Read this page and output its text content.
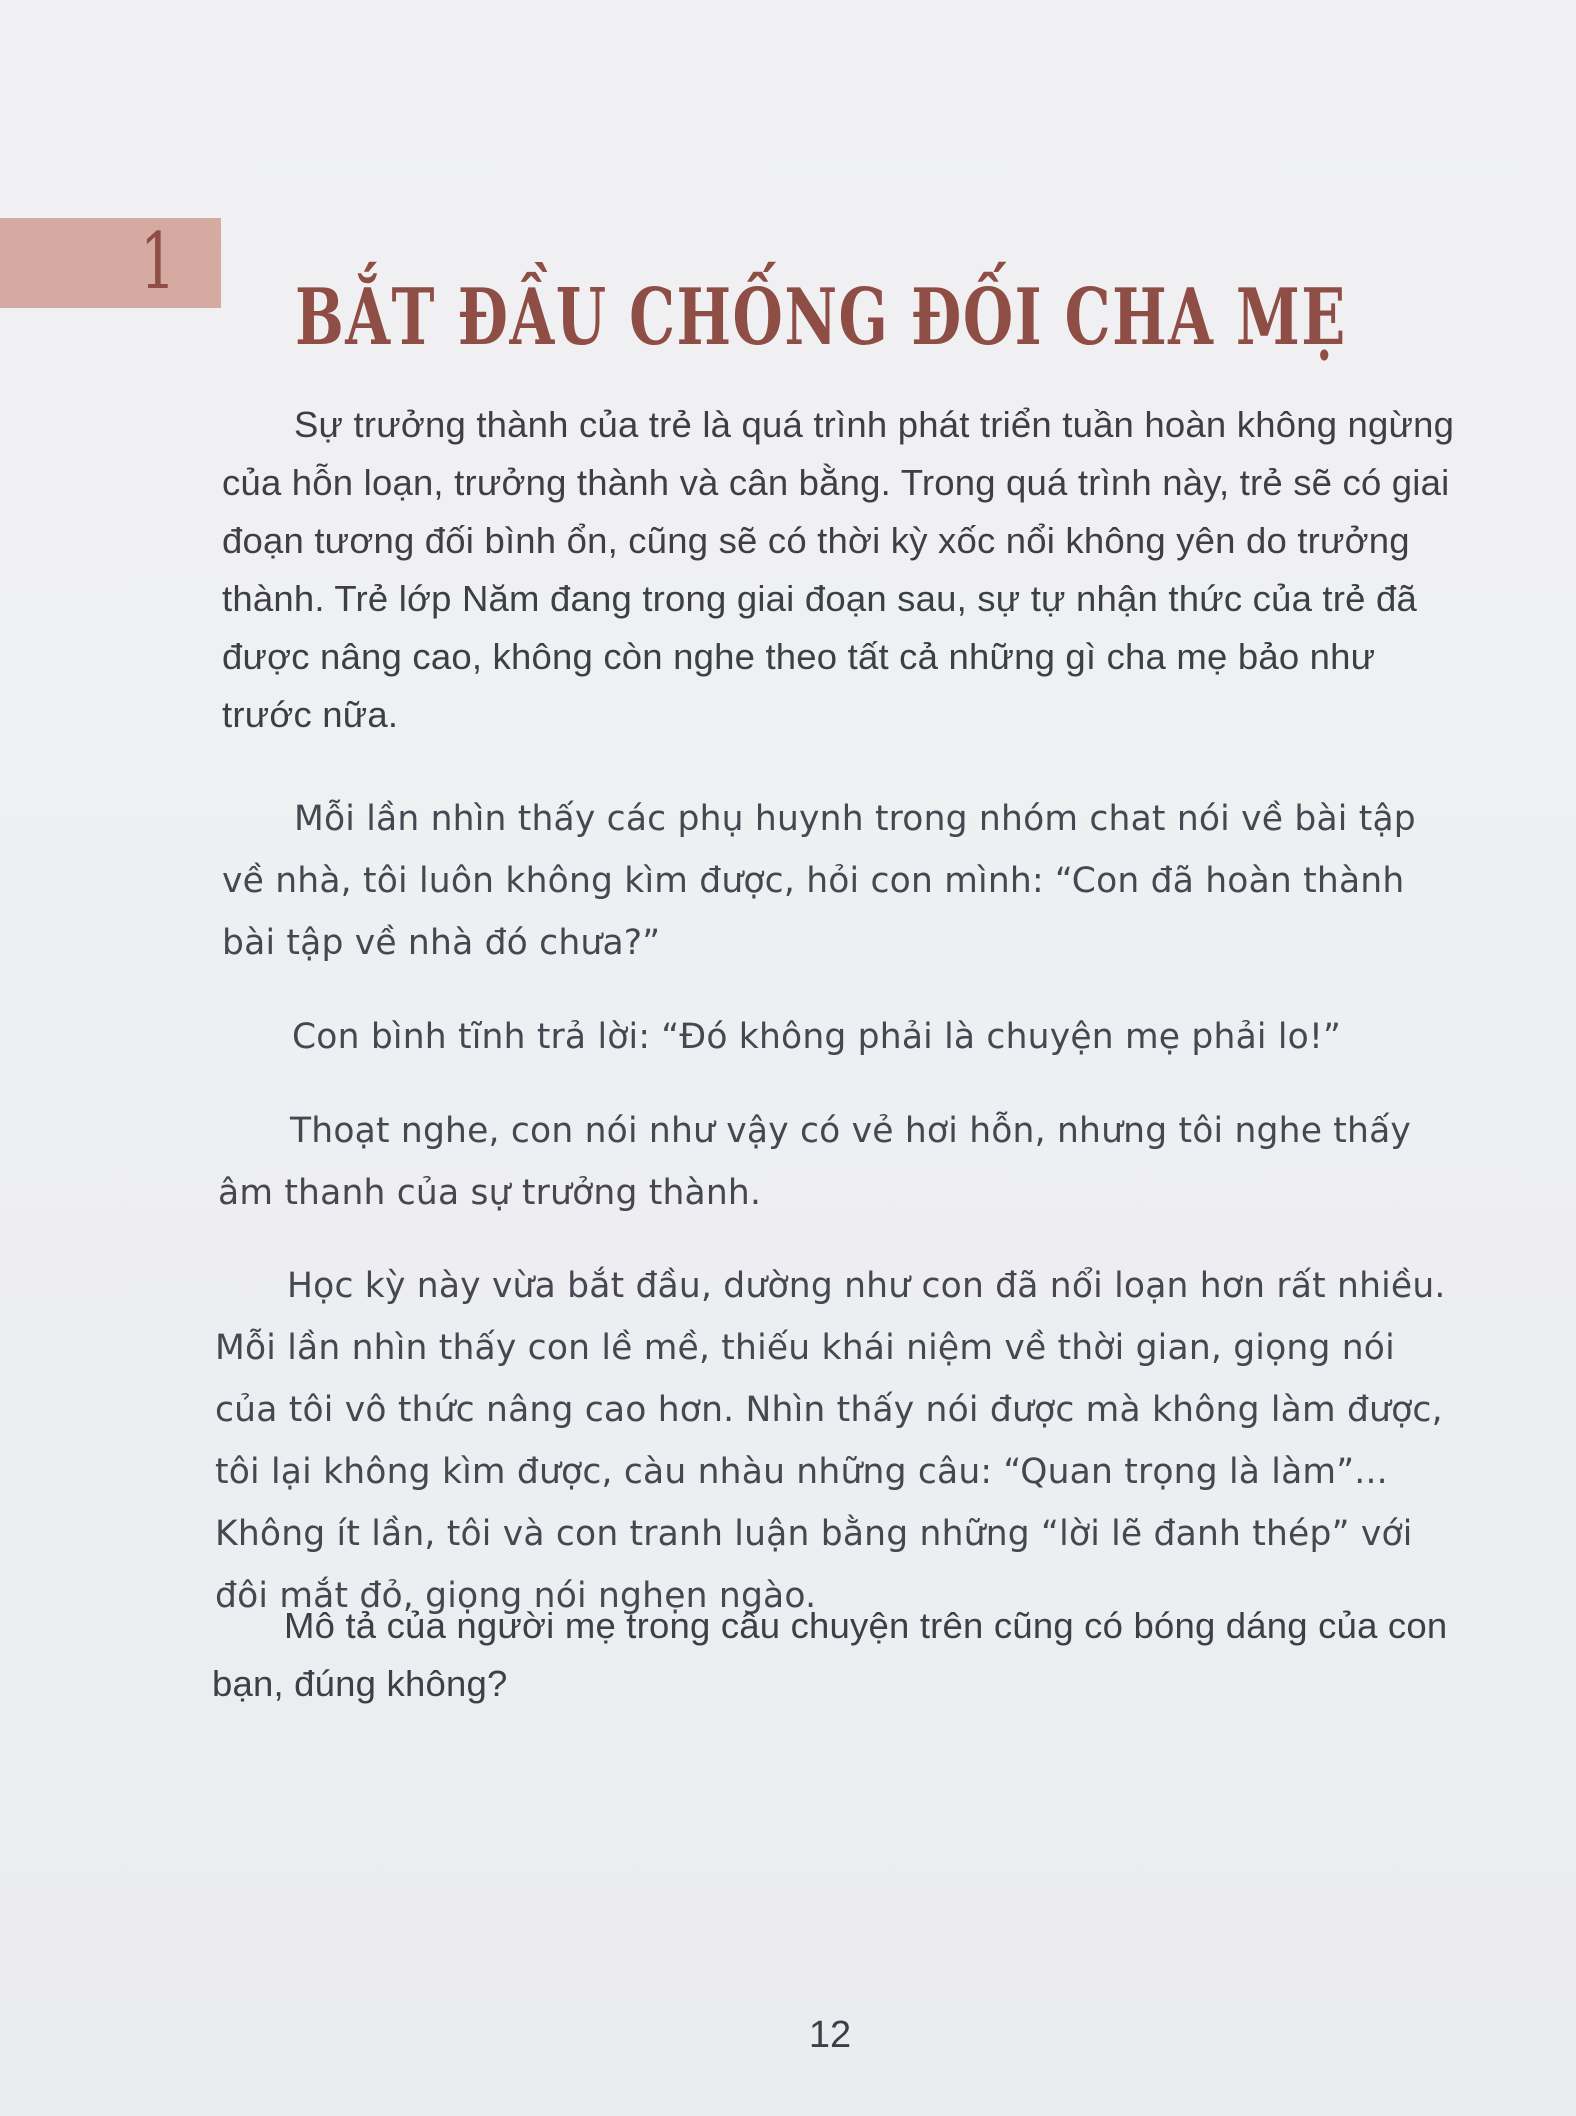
1
BẮT ĐẦU CHỐNG ĐỐI CHA MẸ

Sự trưởng thành của trẻ là quá trình phát triển tuần hoàn không ngừng của hỗn loạn, trưởng thành và cân bằng. Trong quá trình này, trẻ sẽ có giai đoạn tương đối bình ổn, cũng sẽ có thời kỳ xốc nổi không yên do trưởng thành. Trẻ lớp Năm đang trong giai đoạn sau, sự tự nhận thức của trẻ đã được nâng cao, không còn nghe theo tất cả những gì cha mẹ bảo như trước nữa.

Mỗi lần nhìn thấy các phụ huynh trong nhóm chat nói về bài tập về nhà, tôi luôn không kìm được, hỏi con mình: “Con đã hoàn thành bài tập về nhà đó chưa?”

Con bình tĩnh trả lời: “Đó không phải là chuyện mẹ phải lo!”

Thoạt nghe, con nói như vậy có vẻ hơi hỗn, nhưng tôi nghe thấy âm thanh của sự trưởng thành.

Học kỳ này vừa bắt đầu, dường như con đã nổi loạn hơn rất nhiều. Mỗi lần nhìn thấy con lề mề, thiếu khái niệm về thời gian, giọng nói của tôi vô thức nâng cao hơn. Nhìn thấy nói được mà không làm được, tôi lại không kìm được, càu nhàu những câu: “Quan trọng là làm”... Không ít lần, tôi và con tranh luận bằng những “lời lẽ đanh thép” với đôi mắt đỏ, giọng nói nghẹn ngào.

Mô tả của người mẹ trong câu chuyện trên cũng có bóng dáng của con bạn, đúng không?

12
